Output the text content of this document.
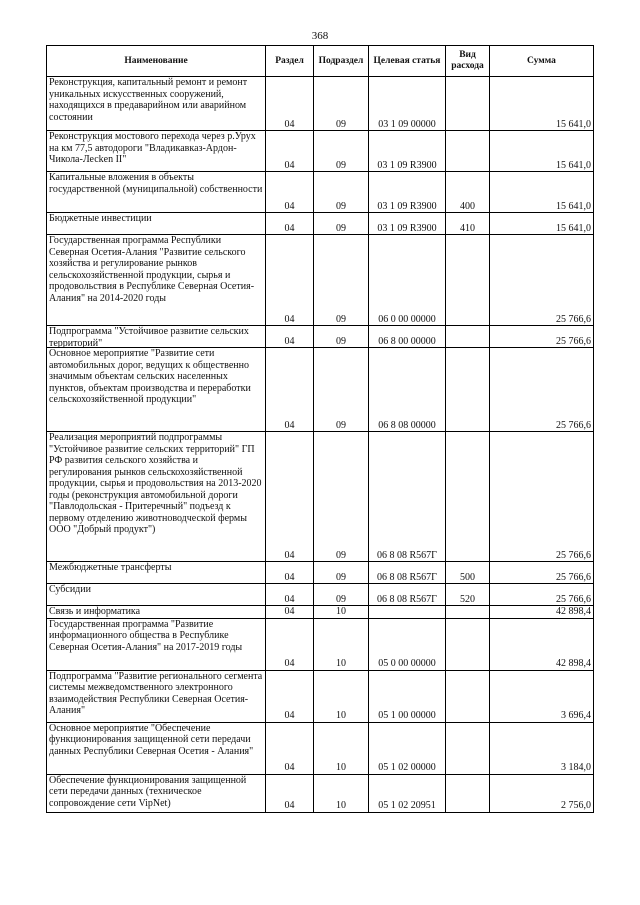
368
Наименование	Раздел	Подраздел	Целевая статья	Вид расхода	Сумма

Реконструкция, капитальный ремонт и ремонт уникальных искусственных сооружений, находящихся в предаварийном или аварийном состоянии	04	09	03 1 09 00000		15 641,0

Реконструкция мостового перехода через р.Урух на км 77,5 автодороги "Владикавказ-Ардон-Чикола-Лесken II"	04	09	03 1 09 R3900		15 641,0

Капитальные вложения в объекты государственной (муниципальной) собственности	04	09	03 1 09 R3900	400	15 641,0

Бюджетные инвестиции	04	09	03 1 09 R3900	410	15 641,0

Государственная программа Республики Северная Осетия-Алания "Развитие сельского хозяйства и регулирование рынков сельскохозяйственной продукции, сырья и продовольствия в Республике Северная Осетия-Алания" на 2014-2020 годы	04	09	06 0 00 00000		25 766,6

Подпрограмма "Устойчивое развитие сельских территорий"	04	09	06 8 00 00000		25 766,6

Основное мероприятие "Развитие сети автомобильных дорог, ведущих к общественно значимым объектам сельских населенных пунктов, объектам производства и переработки сельскохозяйственной продукции"	04	09	06 8 08 00000		25 766,6

Реализация мероприятий подпрограммы "Устойчивое развитие сельских территорий" ГП РФ развития сельского хозяйства и регулирования рынков сельскохозяйственной продукции, сырья и продовольствия на 2013-2020 годы (реконструкция автомобильной дороги "Павлодольская - Притеречный" подъезд к первому отделению животноводческой фермы ООО "Добрый продукт")	04	09	06 8 08 R567Г		25 766,6

Межбюджетные трансферты	04	09	06 8 08 R567Г	500	25 766,6

Субсидии	04	09	06 8 08 R567Г	520	25 766,6

Связь и информатика	04	10			42 898,4

Государственная программа "Развитие информационного общества в Республике Северная Осетия-Алания" на 2017-2019 годы	04	10	05 0 00 00000		42 898,4

Подпрограмма "Развитие регионального сегмента системы межведомственного электронного взаимодействия Республики Северная Осетия-Алания"	04	10	05 1 00 00000		3 696,4

Основное мероприятие "Обеспечение функционирования защищенной сети передачи данных Республики Северная Осетия - Алания"	04	10	05 1 02 00000		3 184,0

Обеспечение функционирования защищенной сети передачи данных (техническое сопровождение сети VipNet)	04	10	05 1 02 20951		2 756,0
